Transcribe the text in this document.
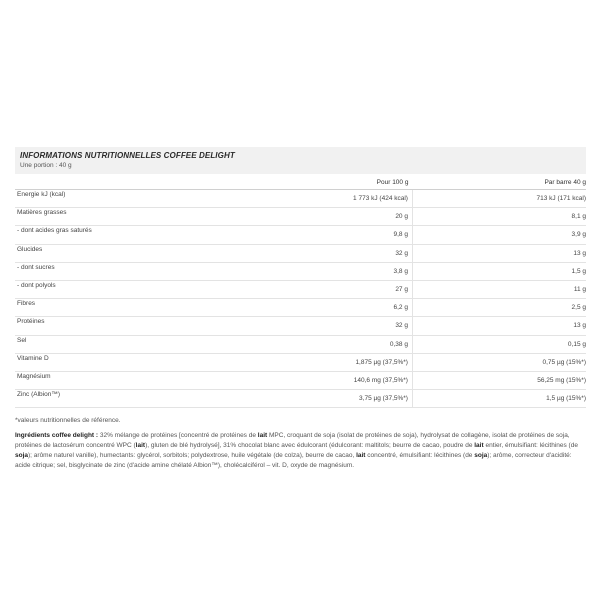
INFORMATIONS NUTRITIONNELLES COFFEE DELIGHT
Une portion : 40 g
	Pour 100 g	Par barre 40 g
Energie kJ (kcal)	1 773 kJ (424 kcal)	713 kJ (171 kcal)
Matières grasses	20 g	8,1 g
- dont acides gras saturés	9,8 g	3,9 g
Glucides	32 g	13 g
- dont sucres	3,8 g	1,5 g
- dont polyols	27 g	11 g
Fibres	6,2 g	2,5 g
Protéines	32 g	13 g
Sel	0,38 g	0,15 g
Vitamine D	1,875 µg (37,5%*)	0,75 µg (15%*)
Magnésium	140,6 mg (37,5%*)	56,25 mg (15%*)
Zinc (Albion™)	3,75 µg (37,5%*)	1,5 µg (15%*)
*valeurs nutritionnelles de référence.
Ingrédients coffee delight : 32% mélange de protéines [concentré de protéines de lait MPC, croquant de soja (isolat de protéines de soja), hydrolysat de collagène, isolat de protéines de soja, protéines de lactosérum concentré WPC (lait), gluten de blé hydrolysé], 31% chocolat blanc avec édulcorant (édulcorant: maltitols; beurre de cacao, poudre de lait entier, émulsifiant: lécithines (de soja); arôme naturel vanille), humectants: glycérol, sorbitols; polydextrose, huile végétale (de colza), beurre de cacao, lait concentré, émulsifiant: lécithines (de soja); arôme, correcteur d'acidité: acide citrique; sel, bisglycinate de zinc (d'acide amine chélaté Albion™), cholécalciférol – vit. D, oxyde de magnésium.
